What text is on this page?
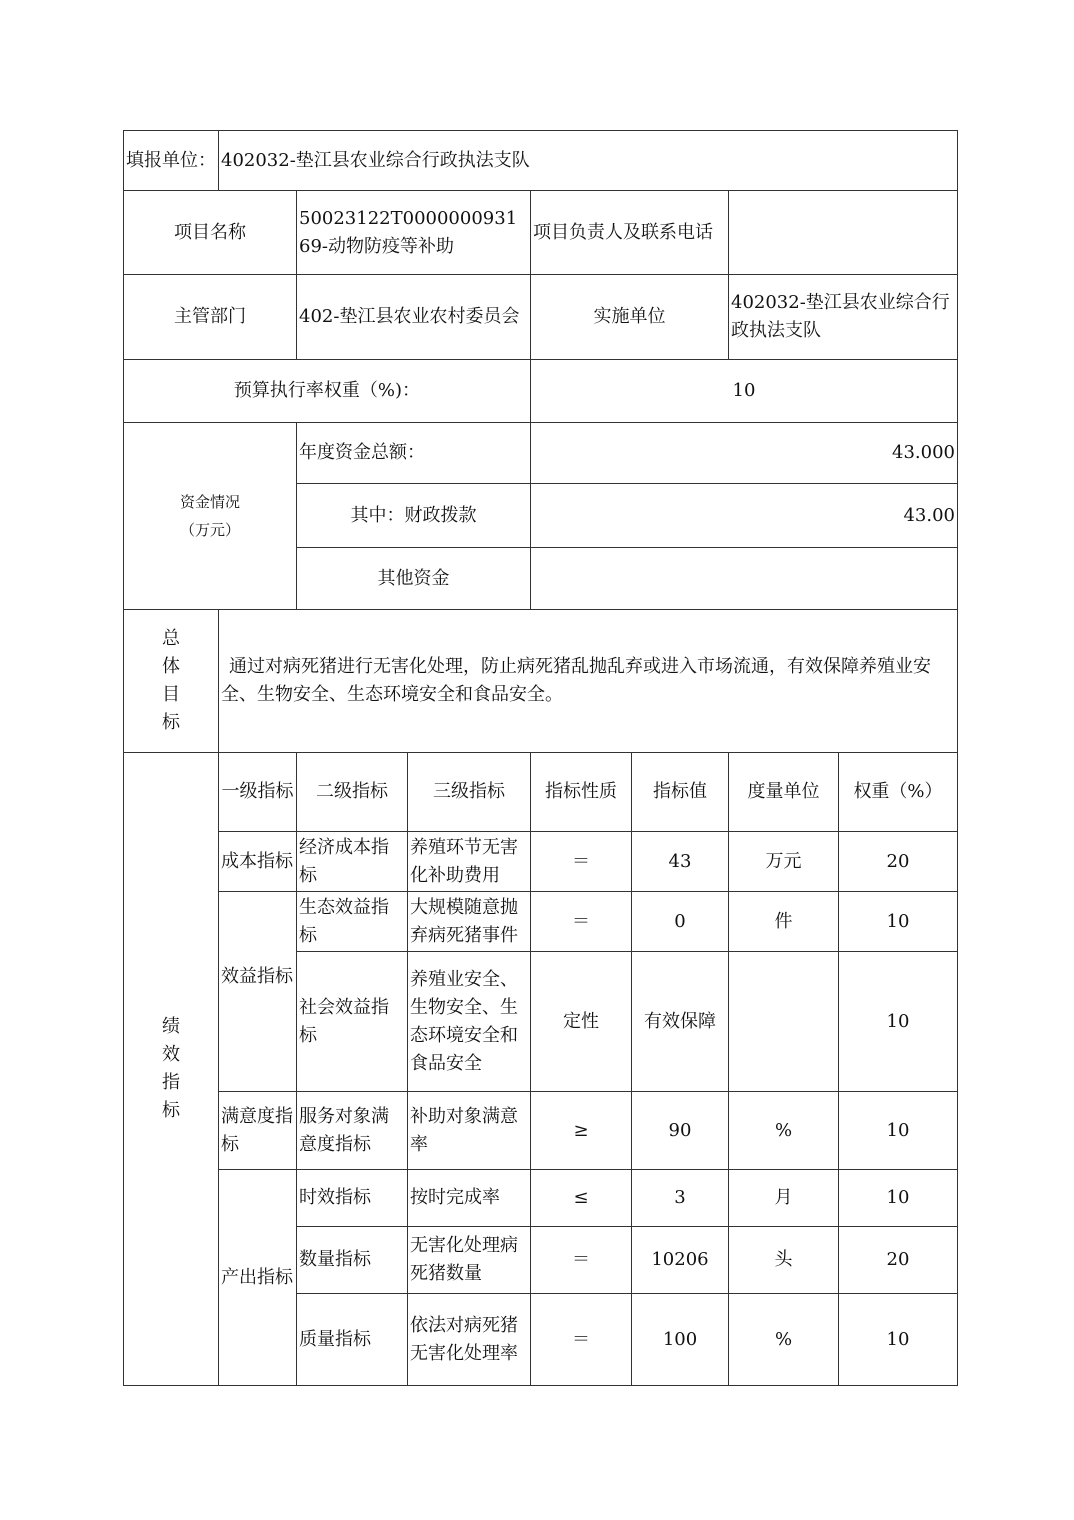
填报单位：	402032-垫江县农业综合行政执法支队						
项目名称		50023122T000000093169-动物防疫等补助		项目负责人及联系电话			
主管部门		402-垫江县农业农村委员会		实施单位		402032-垫江县农业综合行政执法支队	
预算执行率权重（%)：				10			

资金情况
（万元）		年度资金总额：		43.000			
		其中：财政拨款		43.00			
		其他资金					

总
体
目
标	通过对病死猪进行无害化处理，防止病死猪乱抛乱弃或进入市场流通，有效保障养殖业安全、生物安全、生态环境安全和食品安全。						

绩
效
指
标	一级指标	二级指标	三级指标	指标性质	指标值	度量单位	权重（%）
	成本指标	经济成本指标	养殖环节无害化补助费用	＝	43	万元	20
	效益指标	生态效益指标	大规模随意抛弃病死猪事件	＝	0	件	10
		社会效益指标	养殖业安全、生物安全、生态环境安全和食品安全	定性	有效保障		10
	满意度指标	服务对象满意度指标	补助对象满意率	≥	90	%	10
	产出指标	时效指标	按时完成率	≤	3	月	10
		数量指标	无害化处理病死猪数量	＝	10206	头	20
		质量指标	依法对病死猪无害化处理率	＝	100	%	10
